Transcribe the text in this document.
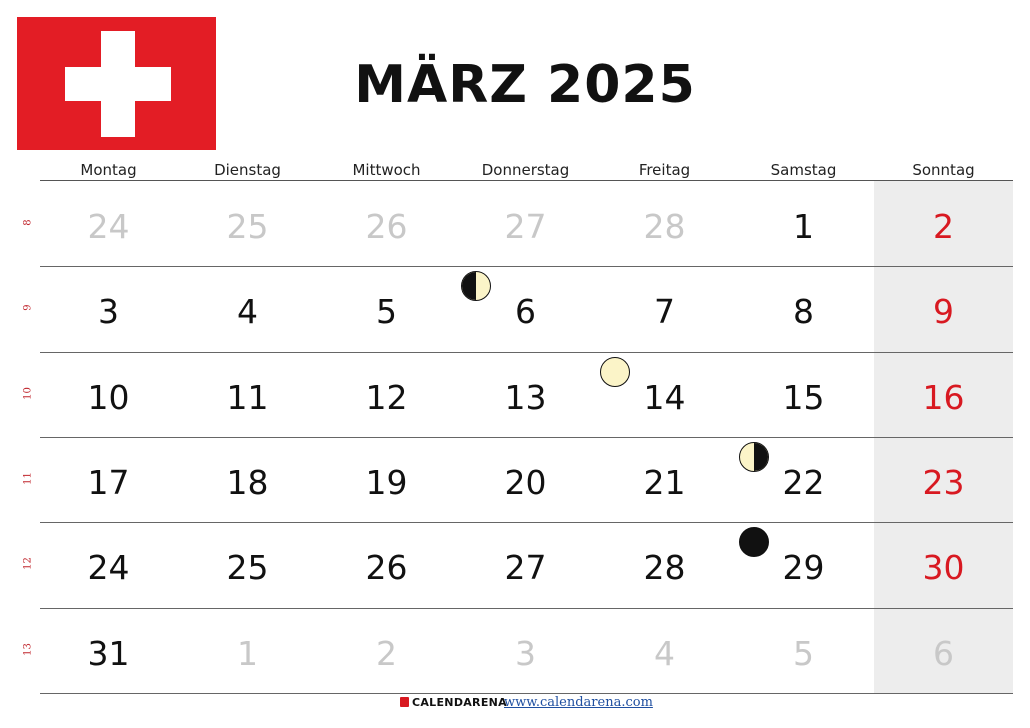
MÄRZ 2025
Montag	Dienstag	Mittwoch	Donnerstag	Freitag	Samstag	Sonntag
8	24	25	26	27	28	1	2
9	3	4	5	6	7	8	9
10	10	11	12	13	14	15	16
11	17	18	19	20	21	22	23
12	24	25	26	27	28	29	30
13	31	1	2	3	4	5	6
CALENDARENA
www.calendarena.com
